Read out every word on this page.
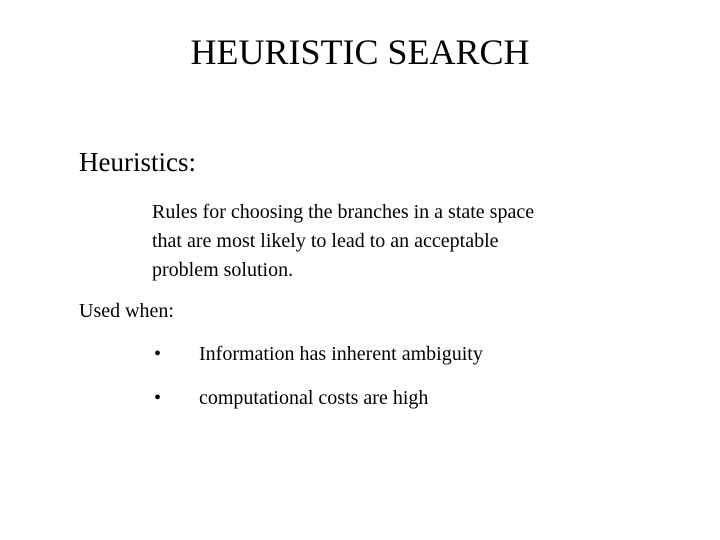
HEURISTIC SEARCH
Heuristics:
Rules for choosing the branches in a state space
that are most likely to lead to an acceptable
problem solution.
Used when:
• Information has inherent ambiguity
• computational costs are high
